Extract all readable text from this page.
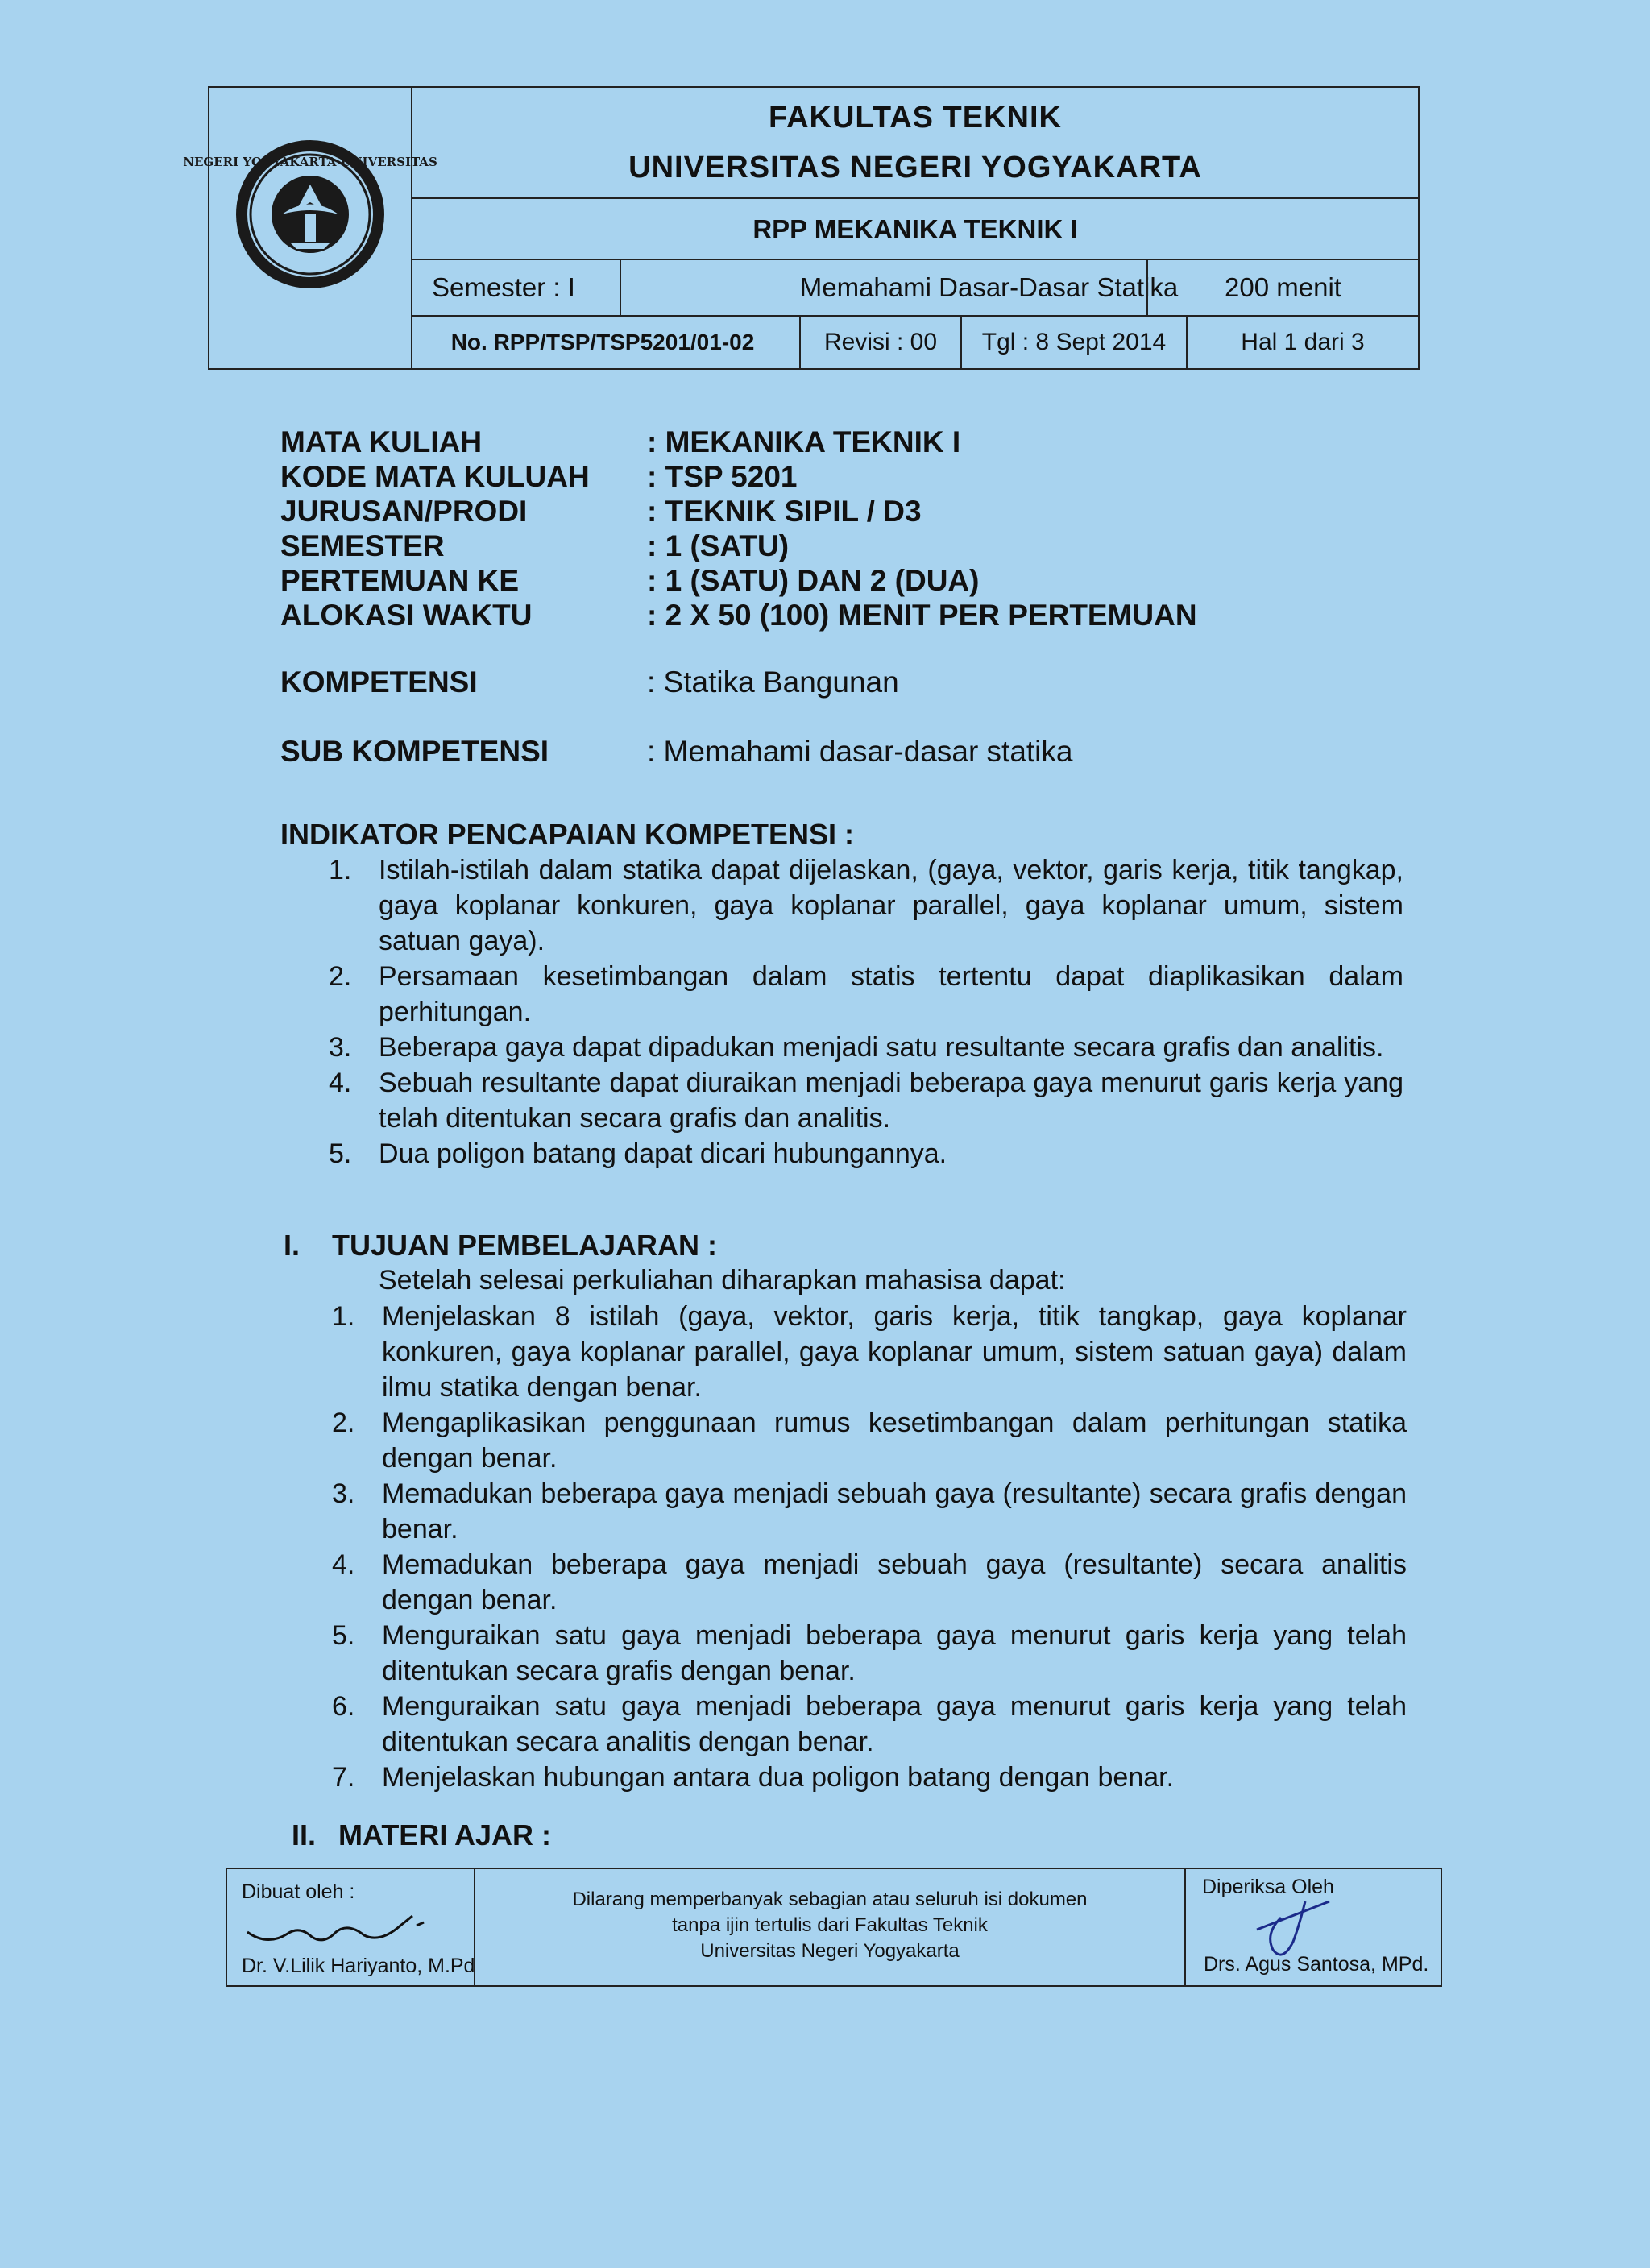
NEGERI YOGYAKARTA UNIVERSITAS
FAKULTAS TEKNIK
UNIVERSITAS NEGERI YOGYAKARTA
RPP MEKANIKA TEKNIK I
Semester : I	Memahami Dasar-Dasar Statika	200 menit
No. RPP/TSP/TSP5201/01-02	Revisi : 00	Tgl : 8 Sept 2014	Hal 1 dari 3
MATA KULIAH	: MEKANIKA TEKNIK I
KODE MATA KULUAH : TSP 5201
JURUSAN/PRODI	: TEKNIK SIPIL / D3
SEMESTER	: 1 (SATU)
PERTEMUAN KE	: 1 (SATU) DAN 2 (DUA)
ALOKASI WAKTU	: 2 X 50 (100) MENIT PER PERTEMUAN
KOMPETENSI	: Statika Bangunan
SUB KOMPETENSI	: Memahami dasar-dasar statika
INDIKATOR PENCAPAIAN KOMPETENSI :
1. Istilah-istilah dalam statika dapat dijelaskan, (gaya, vektor, garis kerja, titik tangkap, gaya koplanar konkuren, gaya koplanar parallel, gaya koplanar umum, sistem satuan gaya).
2. Persamaan kesetimbangan dalam statis tertentu dapat diaplikasikan dalam perhitungan.
3. Beberapa gaya dapat dipadukan menjadi satu resultante secara grafis dan analitis.
4. Sebuah resultante dapat diuraikan menjadi beberapa gaya menurut garis kerja yang telah ditentukan secara grafis dan analitis.
5. Dua poligon batang dapat dicari hubungannya.
I. TUJUAN PEMBELAJARAN :
Setelah selesai perkuliahan diharapkan mahasisa dapat:
1. Menjelaskan 8 istilah (gaya, vektor, garis kerja, titik tangkap, gaya koplanar konkuren, gaya koplanar parallel, gaya koplanar umum, sistem satuan gaya) dalam ilmu statika dengan benar.
2. Mengaplikasikan penggunaan rumus kesetimbangan dalam perhitungan statika dengan benar.
3. Memadukan beberapa gaya menjadi sebuah gaya (resultante) secara grafis dengan benar.
4. Memadukan beberapa gaya menjadi sebuah gaya (resultante) secara analitis dengan benar.
5. Menguraikan satu gaya menjadi beberapa gaya menurut garis kerja yang telah ditentukan secara grafis dengan benar.
6. Menguraikan satu gaya menjadi beberapa gaya menurut garis kerja yang telah ditentukan secara analitis dengan benar.
7. Menjelaskan hubungan antara dua poligon batang dengan benar.
II. MATERI AJAR :
Dibuat oleh :
Dr. V.Lilik Hariyanto, M.Pd
Dilarang memperbanyak sebagian atau seluruh isi dokumen
tanpa ijin tertulis dari Fakultas Teknik
Universitas Negeri Yogyakarta
Diperiksa Oleh
Drs. Agus Santosa, MPd.
